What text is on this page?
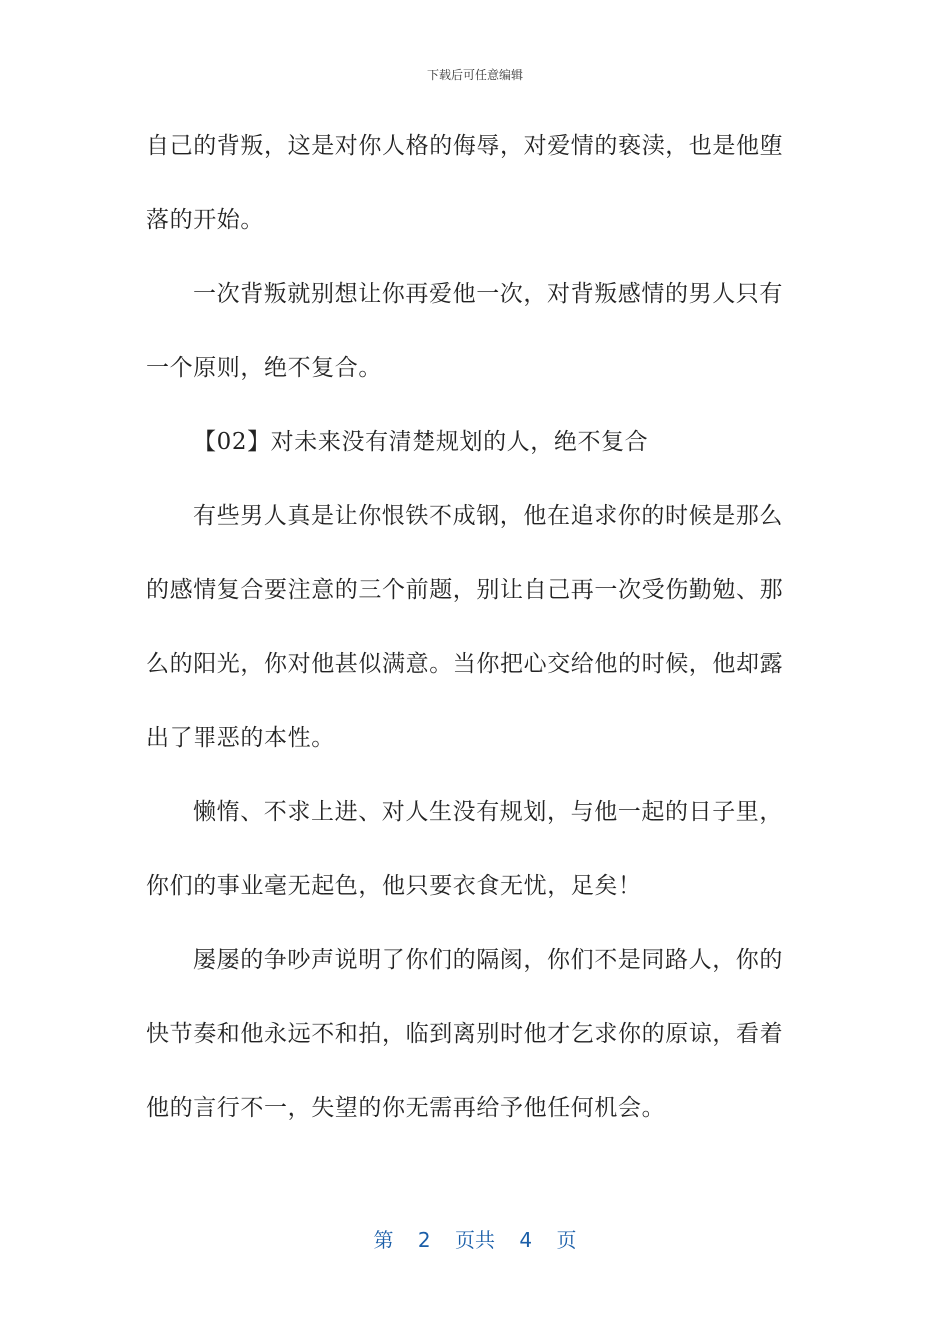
下载后可任意编辑
自己的背叛，这是对你人格的侮辱，对爱情的亵渎，也是他堕
落的开始。
一次背叛就别想让你再爱他一次，对背叛感情的男人只有
一个原则，绝不复合。
【02】对未来没有清楚规划的人，绝不复合
有些男人真是让你恨铁不成钢，他在追求你的时候是那么
的感情复合要注意的三个前题，别让自己再一次受伤勤勉、那
么的阳光，你对他甚似满意。当你把心交给他的时候，他却露
出了罪恶的本性。
懒惰、不求上进、对人生没有规划，与他一起的日子里，
你们的事业毫无起色，他只要衣食无忧，足矣！
屡屡的争吵声说明了你们的隔阂，你们不是同路人，你的
快节奏和他永远不和拍，临到离别时他才乞求你的原谅，看着
他的言行不一，失望的你无需再给予他任何机会。
第 2 页共 4 页
